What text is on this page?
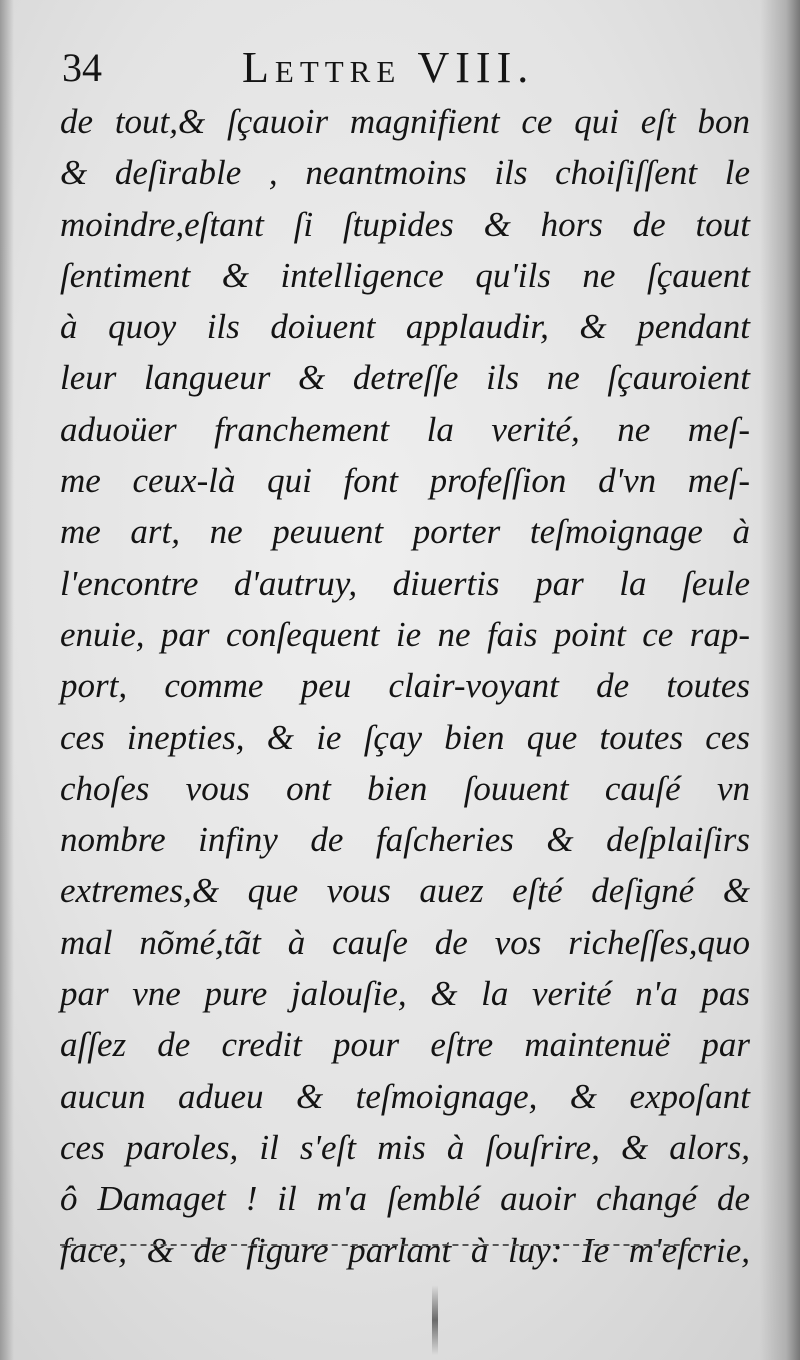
34	Lettre VIII.
de tout,& ſçauoir magnifient ce qui eſt bon
& deſirable , neantmoins ils choiſiſſent le
moindre,eſtant ſi ſtupides & hors de tout
ſentiment & intelligence qu'ils ne ſçauent
à quoy ils doiuent applaudir, & pendant
leur langueur & detreſſe ils ne ſçauroient
aduoüer franchement la verité, ne meſ-
me ceux-là qui font profeſſion d'vn meſ-
me art, ne peuuent porter teſmoignage à
l'encontre d'autruy, diuertis par la ſeule
enuie, par conſequent ie ne fais point ce rap-
port, comme peu clair-voyant de toutes
ces inepties, & ie ſçay bien que toutes ces
choſes vous ont bien ſouuent cauſé vn
nombre infiny de faſcheries & deſplaiſirs
extremes,& que vous auez eſté deſigné &
mal nõmé,tãt à cauſe de vos richeſſes,quo
par vne pure jalouſie, & la verité n'a pas
aſſez de credit pour eſtre maintenuë par
aucun adueu & teſmoignage, & expoſant
ces paroles, il s'eſt mis à ſouſrire, & alors,
ô Damaget ! il m'a ſemblé auoir changé de
face, & de figure parlant à luy: Ie m'eſcrie,
